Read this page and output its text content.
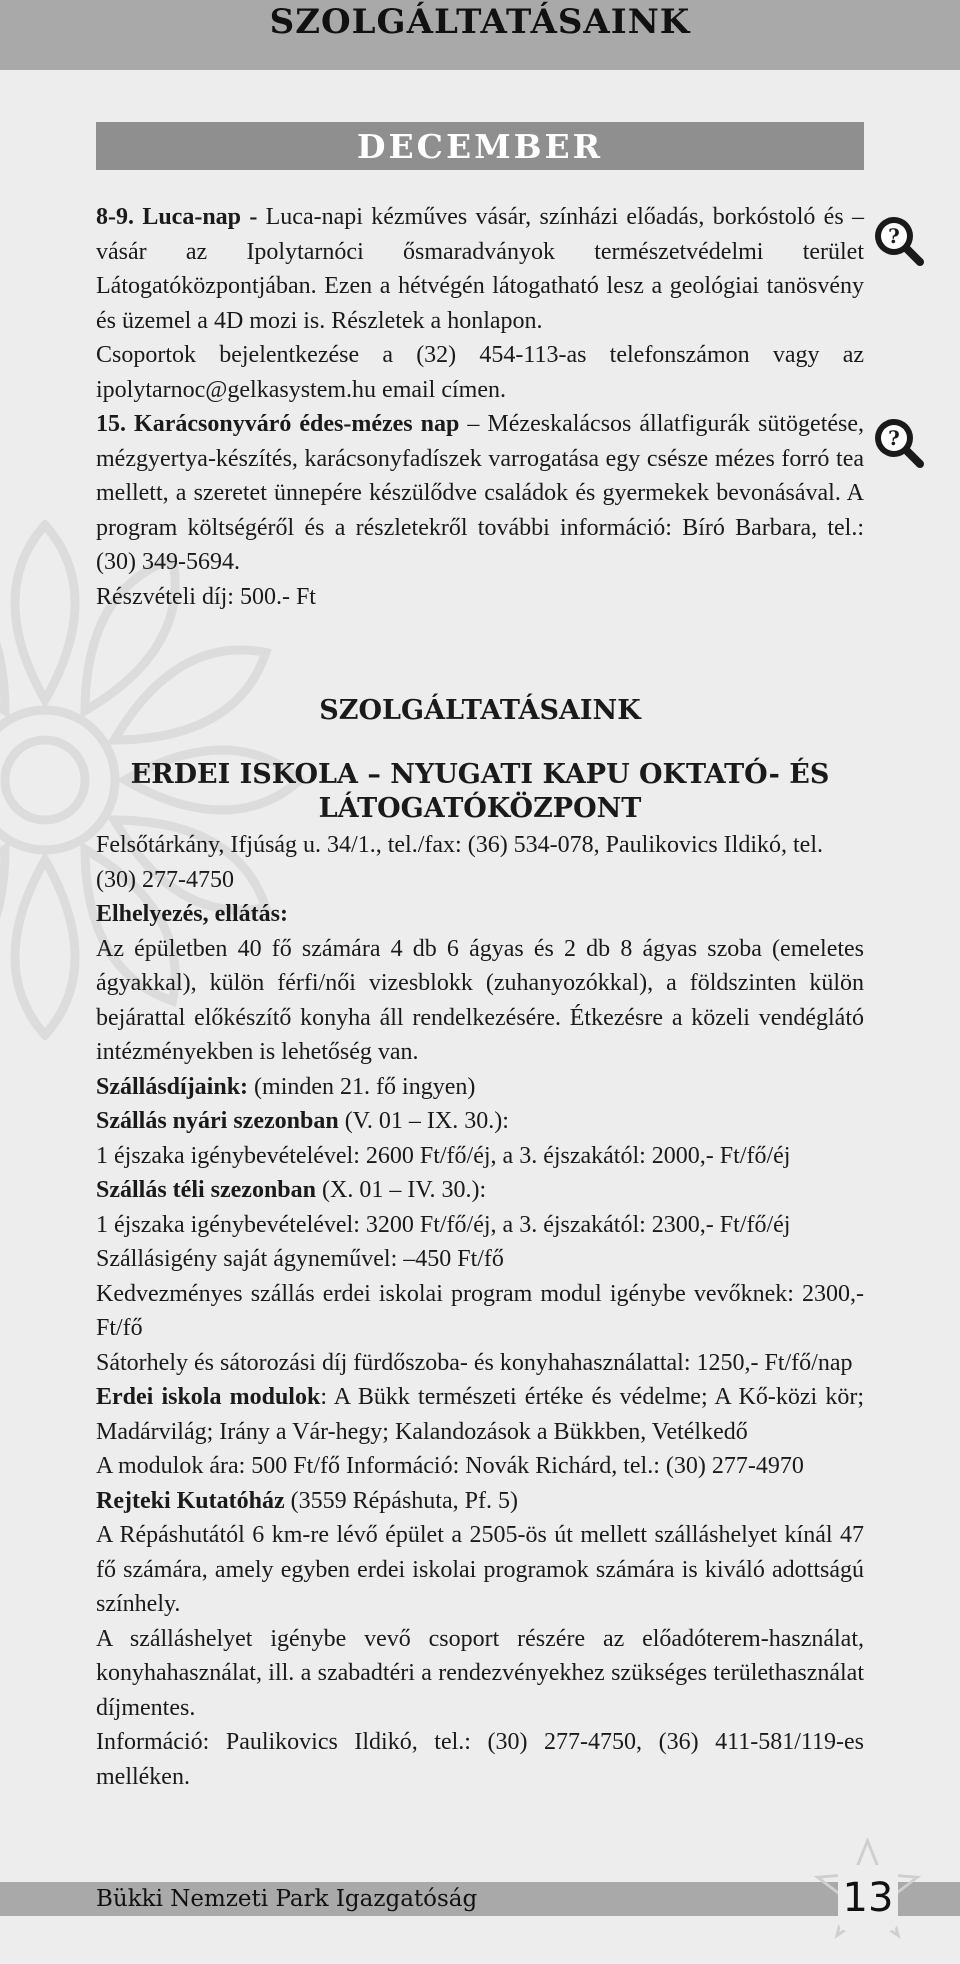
SZOLGÁLTATÁSAINK
DECEMBER
?
?

8-9. Luca-nap - Luca-napi kézműves vásár, színházi előadás, borkóstoló és –vásár az Ipolytarnóci ősmaradványok természetvédelmi terület Látogatóközpontjában. Ezen a hétvégén látogatható lesz a geológiai tanösvény és üzemel a 4D mozi is. Részletek a honlapon.

Csoportok bejelentkezése a (32) 454-113-as telefonszámon vagy az ipolytarnoc@gelkasystem.hu email címen.

15. Karácsonyváró édes-mézes nap – Mézeskalácsos állatfigurák sütögetése, mézgyertya-készítés, karácsonyfadíszek varrogatása egy csésze mézes forró tea mellett, a szeretet ünnepére készülődve családok és gyermekek bevonásával. A program költségéről és a részletekről további információ: Bíró Barbara, tel.: (30) 349-5694.

Részvételi díj: 500.- Ft

SZOLGÁLTATÁSAINK
ERDEI ISKOLA – NYUGATI KAPU OKTATÓ- ÉS LÁTOGATÓKÖZPONT

Felsőtárkány, Ifjúság u. 34/1., tel./fax: (36) 534-078, Paulikovics Ildikó, tel. (30) 277-4750

Elhelyezés, ellátás:

Az épületben 40 fő számára 4 db 6 ágyas és 2 db 8 ágyas szoba (emeletes ágyakkal), külön férfi/női vizesblokk (zuhanyozókkal), a földszinten külön bejárattal előkészítő konyha áll rendelkezésére. Étkezésre a közeli vendéglátó intézményekben is lehetőség van.

Szállásdíjaink: (minden 21. fő ingyen)

Szállás nyári szezonban (V. 01 – IX. 30.):

1 éjszaka igénybevételével: 2600 Ft/fő/éj, a 3. éjszakától: 2000,- Ft/fő/éj

Szállás téli szezonban (X. 01 – IV. 30.):

1 éjszaka igénybevételével: 3200 Ft/fő/éj, a 3. éjszakától: 2300,- Ft/fő/éj

Szállásigény saját ágyneművel: –450 Ft/fő

Kedvezményes szállás erdei iskolai program modul igénybe vevőknek: 2300,- Ft/fő

Sátorhely és sátorozási díj fürdőszoba- és konyhahasználattal: 1250,- Ft/fő/nap

Erdei iskola modulok: A Bükk természeti értéke és védelme; A Kő-közi kör; Madárvilág; Irány a Vár-hegy; Kalandozások a Bükkben, Vetélkedő

A modulok ára: 500 Ft/fő Információ: Novák Richárd, tel.: (30) 277-4970

Rejteki Kutatóház (3559 Répáshuta, Pf. 5)

A Répáshutától 6 km-re lévő épület a 2505-ös út mellett szálláshelyet kínál 47 fő számára, amely egyben erdei iskolai programok számára is kiváló adottságú színhely.

A szálláshelyet igénybe vevő csoport részére az előadóterem-használat, konyhahasználat, ill. a szabadtéri a rendezvényekhez szükséges területhasználat díjmentes.

Információ: Paulikovics Ildikó, tel.: (30) 277-4750, (36) 411-581/119-es melléken.

Bükki Nemzeti Park Igazgatóság	13
